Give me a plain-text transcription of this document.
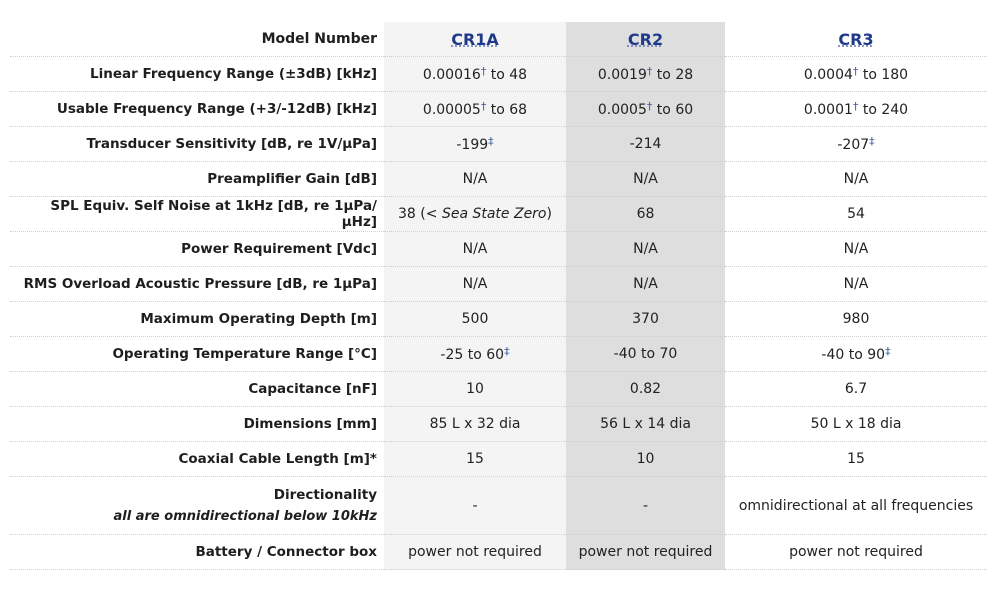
Model Number	CR1A	CR2	CR3
Linear Frequency Range (±3dB) [kHz]	0.00016† to 48	0.0019† to 28	0.0004† to 180
Usable Frequency Range (+3/-12dB) [kHz]	0.00005† to 68	0.0005† to 60	0.0001† to 240
Transducer Sensitivity [dB, re 1V/µPa]	-199‡	-214	-207‡
Preamplifier Gain [dB]	N/A	N/A	N/A
SPL Equiv. Self Noise at 1kHz [dB, re 1µPa/µHz]	38 (< Sea State Zero)	68	54
Power Requirement [Vdc]	N/A	N/A	N/A
RMS Overload Acoustic Pressure [dB, re 1µPa]	N/A	N/A	N/A
Maximum Operating Depth [m]	500	370	980
Operating Temperature Range [°C]	-25 to 60‡	-40 to 70	-40 to 90‡
Capacitance [nF]	10	0.82	6.7
Dimensions [mm]	85 L x 32 dia	56 L x 14 dia	50 L x 18 dia
Coaxial Cable Length [m]*	15	10	15
Directionality
all are omnidirectional below 10kHz	-	-	omnidirectional at all frequencies
Battery / Connector box	power not required	power not required	power not required
